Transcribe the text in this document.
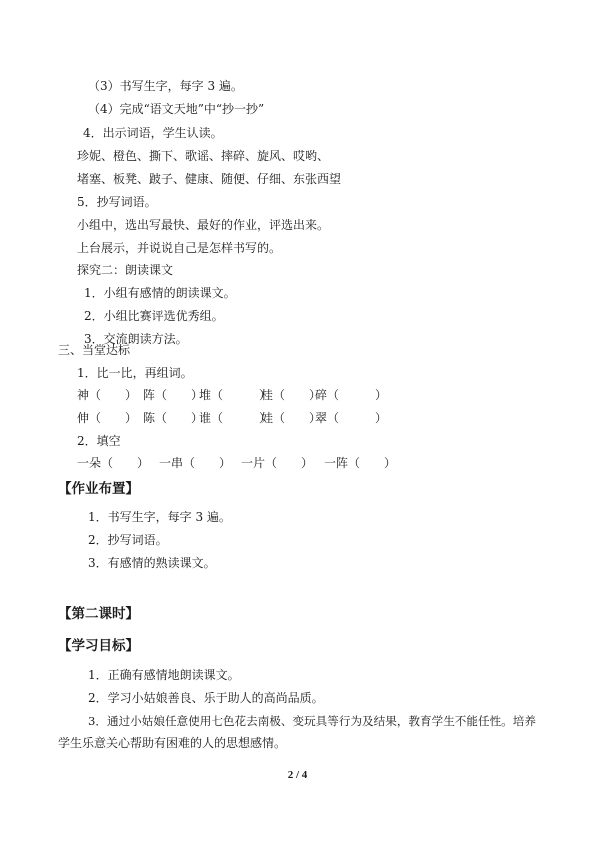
（3）书写生字，每字 3 遍。
（4）完成“语文天地”中“抄一抄”
4．出示词语，学生认读。
珍妮、橙色、撕下、歌谣、摔碎、旋风、哎哟、
堵塞、板凳、跛子、健康、随便、仔细、东张西望
5．抄写词语。
小组中，选出写最快、最好的作业，评选出来。
上台展示，并说说自己是怎样书写的。
探究二：朗读课文
1．小组有感情的朗读课文。
2．小组比赛评选优秀组。
3．交流朗读方法。
三、当堂达标
1．比一比，再组词。
神（　　） 阵（　　）
堆（　　　）
桂（　　）
碎（　　　）
伸（　　） 陈（　　）
谁（　　　）
娃（　　）
翠（　　　）
2．填空
一朵（　　） 一串（　　） 一片（　　） 一阵（　　）
【作业布置】
1．书写生字，每字 3 遍。
2．抄写词语。
3．有感情的熟读课文。
【第二课时】
【学习目标】
1．正确有感情地朗读课文。
2．学习小姑娘善良、乐于助人的高尚品质。
3．通过小姑娘任意使用七色花去南极、变玩具等行为及结果，教育学生不能任性。培养
学生乐意关心帮助有困难的人的思想感情。
2 / 4
